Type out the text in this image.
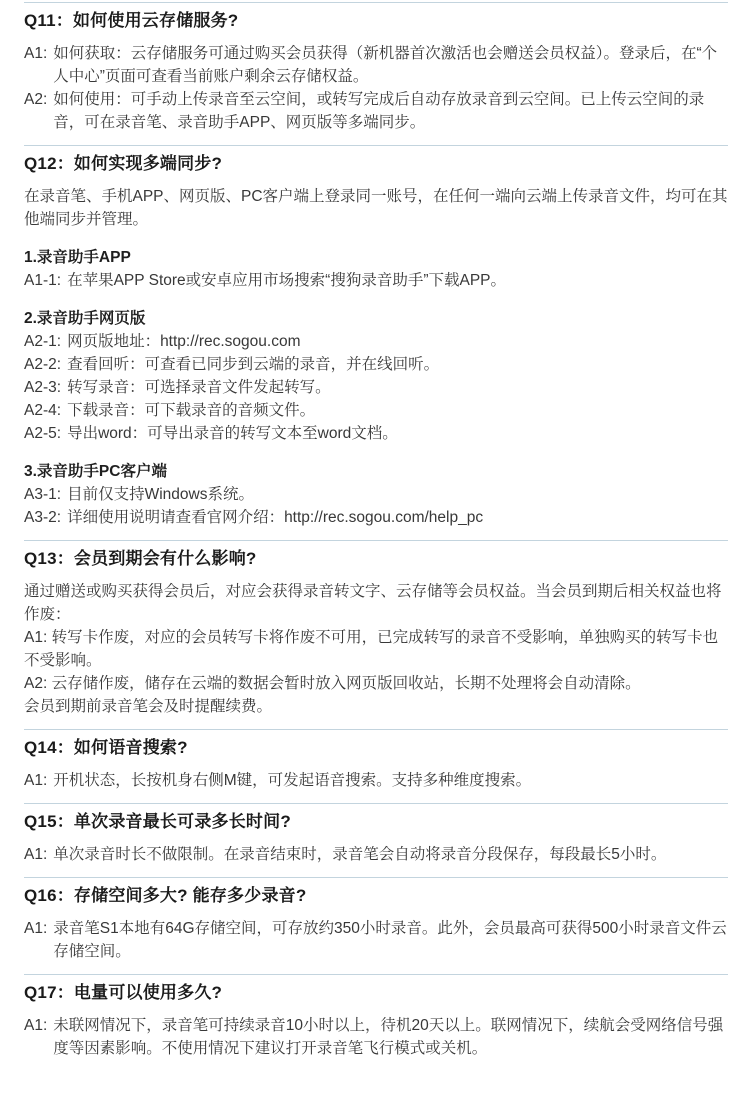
Q11：如何使用云存储服务?
A1: 如何获取：云存储服务可通过购买会员获得（新机器首次激活也会赠送会员权益）。登录后，在“个人中心”页面可查看当前账户剩余云存储权益。
A2: 如何使用：可手动上传录音至云空间，或转写完成后自动存放录音到云空间。已上传云空间的录音，可在录音笔、录音助手APP、网页版等多端同步。
Q12：如何实现多端同步?

在录音笔、手机APP、网页版、PC客户端上登录同一账号，在任何一端向云端上传录音文件，均可在其他端同步并管理。

1.录音助手APP

A1-1: 在苹果APP Store或安卓应用市场搜索“搜狗录音助手”下载APP。

2.录音助手网页版

A2-1: 网页版地址：http://rec.sogou.com
A2-2: 查看回听：可查看已同步到云端的录音，并在线回听。
A2-3: 转写录音：可选择录音文件发起转写。
A2-4: 下载录音：可下载录音的音频文件。
A2-5: 导出word：可导出录音的转写文本至word文档。

3.录音助手PC客户端

A3-1: 目前仅支持Windows系统。
A3-2: 详细使用说明请查看官网介绍：http://rec.sogou.com/help_pc
Q13：会员到期会有什么影响?

通过赠送或购买获得会员后，对应会获得录音转文字、云存储等会员权益。当会员到期后相关权益也将作废：

A1: 转写卡作废，对应的会员转写卡将作废不可用，已完成转写的录音不受影响，单独购买的转写卡也不受影响。

A2: 云存储作废，储存在云端的数据会暂时放入网页版回收站，长期不处理将会自动清除。

会员到期前录音笔会及时提醒续费。

Q14：如何语音搜索?
A1: 开机状态，长按机身右侧M键，可发起语音搜索。支持多种维度搜索。
Q15：单次录音最长可录多长时间?
A1: 单次录音时长不做限制。在录音结束时，录音笔会自动将录音分段保存，每段最长5小时。
Q16：存储空间多大? 能存多少录音?
A1: 录音笔S1本地有64G存储空间，可存放约350小时录音。此外，会员最高可获得500小时录音文件云存储空间。
Q17：电量可以使用多久?
A1: 未联网情况下，录音笔可持续录音10小时以上，待机20天以上。联网情况下，续航会受网络信号强度等因素影响。不使用情况下建议打开录音笔飞行模式或关机。
